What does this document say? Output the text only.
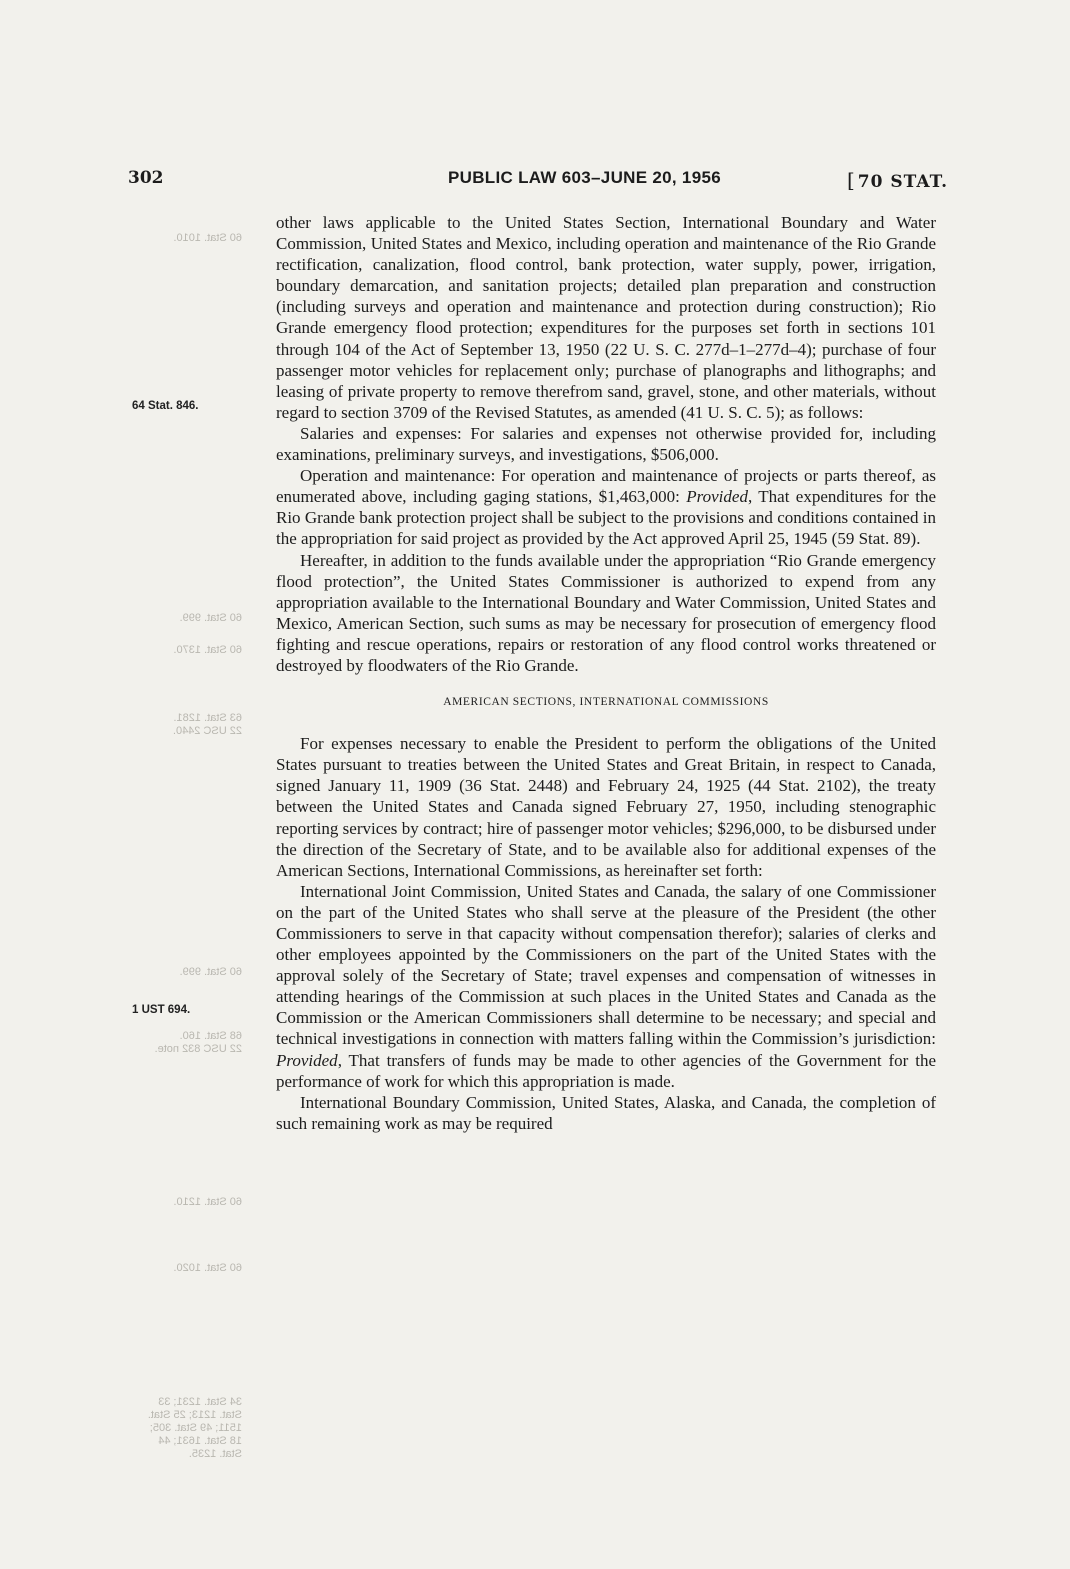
302	PUBLIC LAW 603–JUNE 20, 1956	[ 70 STAT.
60 Stat. 1010.
60 Stat. 999.
60 Stat. 1370.
63 Stat. 1281.
22 USC 2440.
60 Stat. 999.
68 Stat. 160.
22 USC 832 note.
60 Stat. 1210.
60 Stat. 1020.
34 Stat. 1231; 33
Stat. 1213; 25 Stat.
1511; 49 Stat. 305;
18 Stat. 1631; 44
Stat. 1235.
64 Stat. 846.
1 UST 694.

other laws applicable to the United States Section, International Boundary and Water Commission, United States and Mexico, including operation and maintenance of the Rio Grande rectification, canalization, flood control, bank protection, water supply, power, irrigation, boundary demarcation, and sanitation projects; detailed plan preparation and construction (including surveys and operation and maintenance and protection during construction); Rio Grande emergency flood protection; expenditures for the purposes set forth in sections 101 through 104 of the Act of September 13, 1950 (22 U. S. C. 277d–1–277d–4); purchase of four passenger motor vehicles for replacement only; purchase of planographs and lithographs; and leasing of private property to remove therefrom sand, gravel, stone, and other materials, without regard to section 3709 of the Revised Statutes, as amended (41 U. S. C. 5); as follows:

Salaries and expenses: For salaries and expenses not otherwise provided for, including examinations, preliminary surveys, and investigations, $506,000.

Operation and maintenance: For operation and maintenance of projects or parts thereof, as enumerated above, including gaging stations, $1,463,000: Provided, That expenditures for the Rio Grande bank protection project shall be subject to the provisions and conditions contained in the appropriation for said project as provided by the Act approved April 25, 1945 (59 Stat. 89).

Hereafter, in addition to the funds available under the appropriation “Rio Grande emergency flood protection”, the United States Commissioner is authorized to expend from any appropriation available to the International Boundary and Water Commission, United States and Mexico, American Section, such sums as may be necessary for prosecution of emergency flood fighting and rescue operations, repairs or restoration of any flood control works threatened or destroyed by floodwaters of the Rio Grande.

AMERICAN SECTIONS, INTERNATIONAL COMMISSIONS

For expenses necessary to enable the President to perform the obligations of the United States pursuant to treaties between the United States and Great Britain, in respect to Canada, signed January 11, 1909 (36 Stat. 2448) and February 24, 1925 (44 Stat. 2102), the treaty between the United States and Canada signed February 27, 1950, including stenographic reporting services by contract; hire of passenger motor vehicles; $296,000, to be disbursed under the direction of the Secretary of State, and to be available also for additional expenses of the American Sections, International Commissions, as hereinafter set forth:

International Joint Commission, United States and Canada, the salary of one Commissioner on the part of the United States who shall serve at the pleasure of the President (the other Commissioners to serve in that capacity without compensation therefor); salaries of clerks and other employees appointed by the Commissioners on the part of the United States with the approval solely of the Secretary of State; travel expenses and compensation of witnesses in attending hearings of the Commission at such places in the United States and Canada as the Commission or the American Commissioners shall determine to be necessary; and special and technical investigations in connection with matters falling within the Commission’s jurisdiction: Provided, That transfers of funds may be made to other agencies of the Government for the performance of work for which this appropriation is made.

International Boundary Commission, United States, Alaska, and Canada, the completion of such remaining work as may be required
